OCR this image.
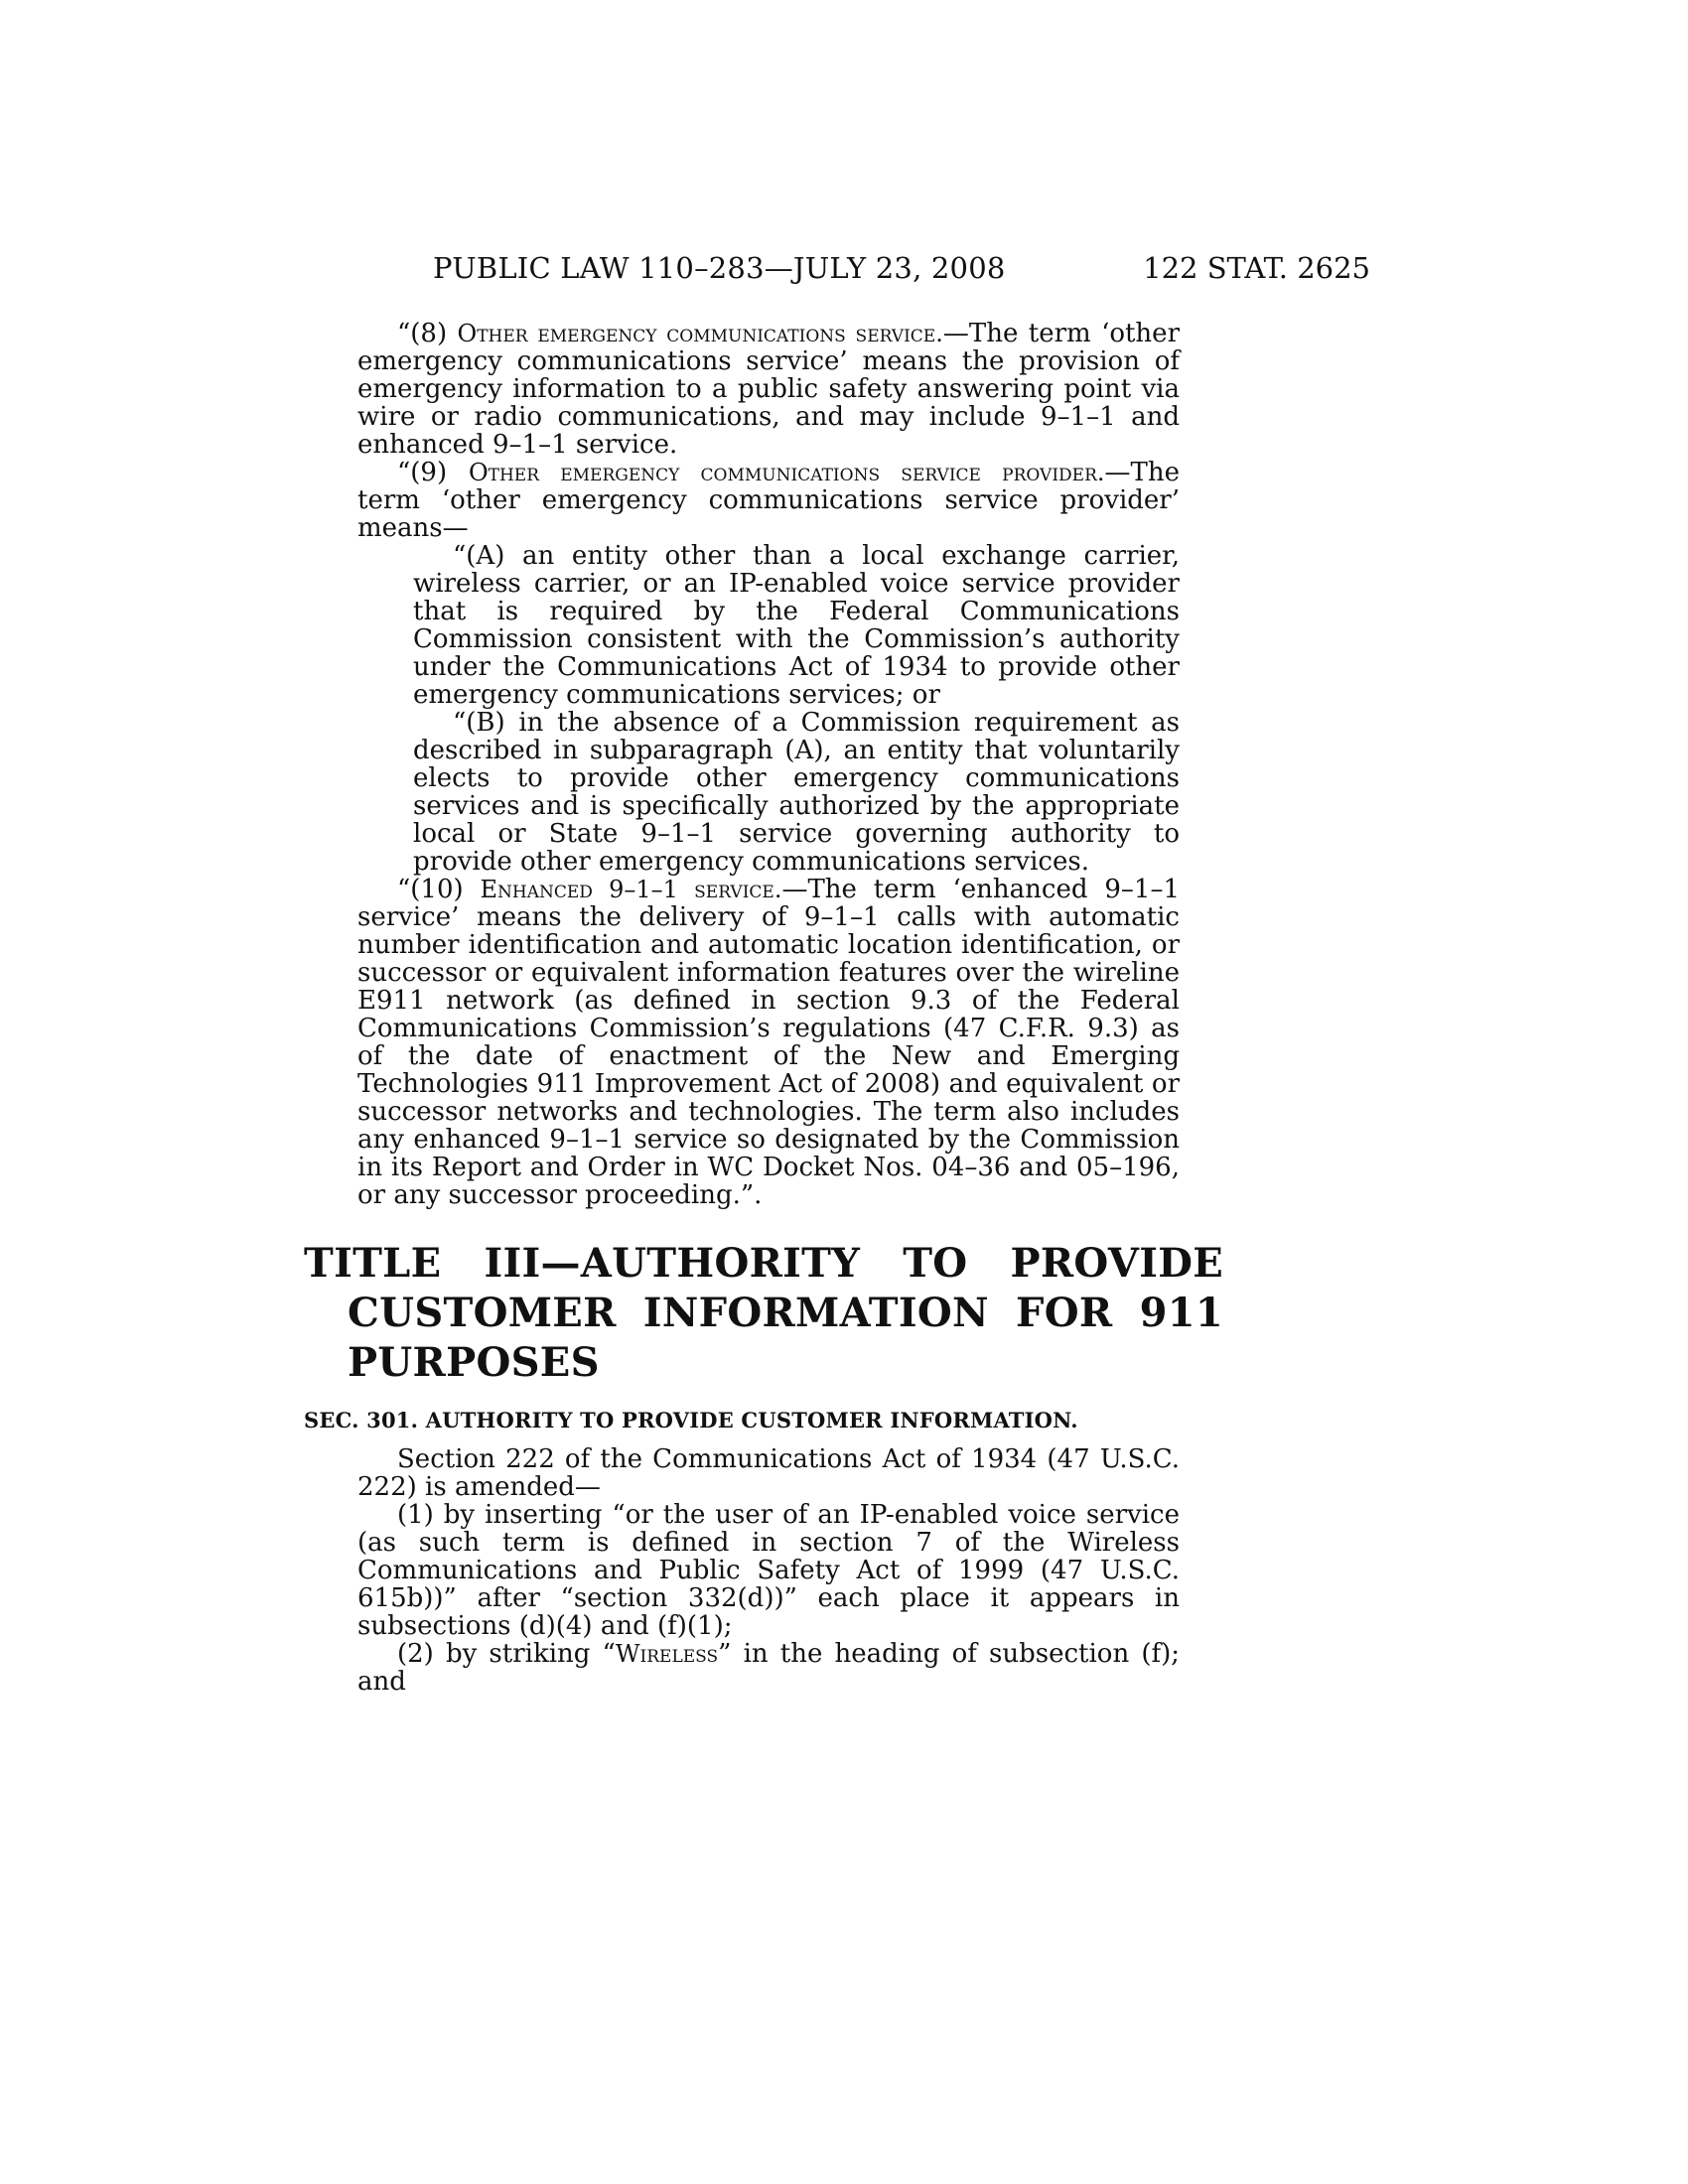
PUBLIC LAW 110–283—JULY 23, 2008	122 STAT. 2625

“(8) Other emergency communications service.—The term ‘other emergency communications service’ means the provision of emergency information to a public safety answering point via wire or radio communications, and may include 9–1–1 and enhanced 9–1–1 service.

“(9) Other emergency communications service provider.—The term ‘other emergency communications service provider’ means—

“(A) an entity other than a local exchange carrier, wireless carrier, or an IP-enabled voice service provider that is required by the Federal Communications Commission consistent with the Commission’s authority under the Communications Act of 1934 to provide other emergency communications services; or

“(B) in the absence of a Commission requirement as described in subparagraph (A), an entity that voluntarily elects to provide other emergency communications services and is specifically authorized by the appropriate local or State 9–1–1 service governing authority to provide other emergency communications services.

“(10) Enhanced 9–1–1 service.—The term ‘enhanced 9–1–1 service’ means the delivery of 9–1–1 calls with automatic number identification and automatic location identification, or successor or equivalent information features over the wireline E911 network (as defined in section 9.3 of the Federal Communications Commission’s regulations (47 C.F.R. 9.3) as of the date of enactment of the New and Emerging Technologies 911 Improvement Act of 2008) and equivalent or successor networks and technologies. The term also includes any enhanced 9–1–1 service so designated by the Commission in its Report and Order in WC Docket Nos. 04–36 and 05–196, or any successor proceeding.”.

TITLE III—AUTHORITY TO PROVIDE CUSTOMER INFORMATION FOR 911 PURPOSES
SEC. 301. AUTHORITY TO PROVIDE CUSTOMER INFORMATION.

Section 222 of the Communications Act of 1934 (47 U.S.C. 222) is amended—

(1) by inserting “or the user of an IP-enabled voice service (as such term is defined in section 7 of the Wireless Communications and Public Safety Act of 1999 (47 U.S.C. 615b))” after “section 332(d))” each place it appears in subsections (d)(4) and (f)(1);

(2) by striking “Wireless” in the heading of subsection (f); and
